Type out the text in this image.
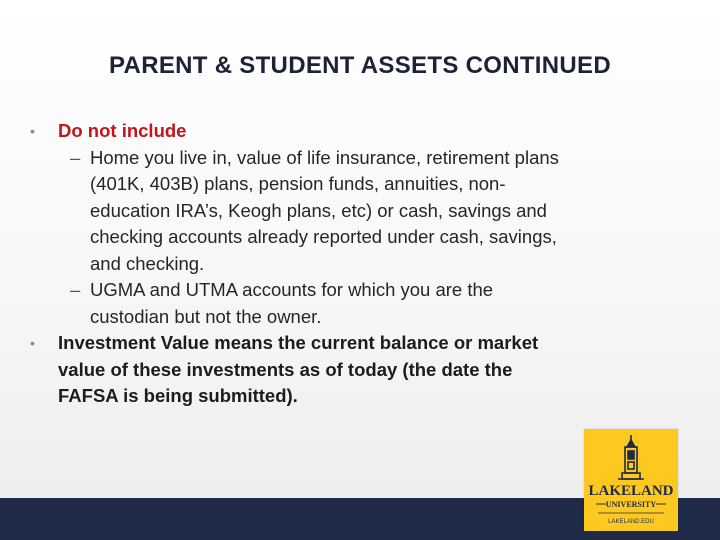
PARENT & STUDENT ASSETS CONTINUED
• Do not include
– Home you live in, value of life insurance, retirement plans
(401K, 403B) plans, pension funds, annuities, non-
education IRA’s, Keogh plans, etc) or cash, savings and
checking accounts already reported under cash, savings,
and checking.
– UGMA and UTMA accounts for which you are the
custodian but not the owner.
• Investment Value means the current balance or market
value of these investments as of today (the date the
FAFSA is being submitted).
LAKELAND
UNIVERSITY
LAKELAND.EDU
